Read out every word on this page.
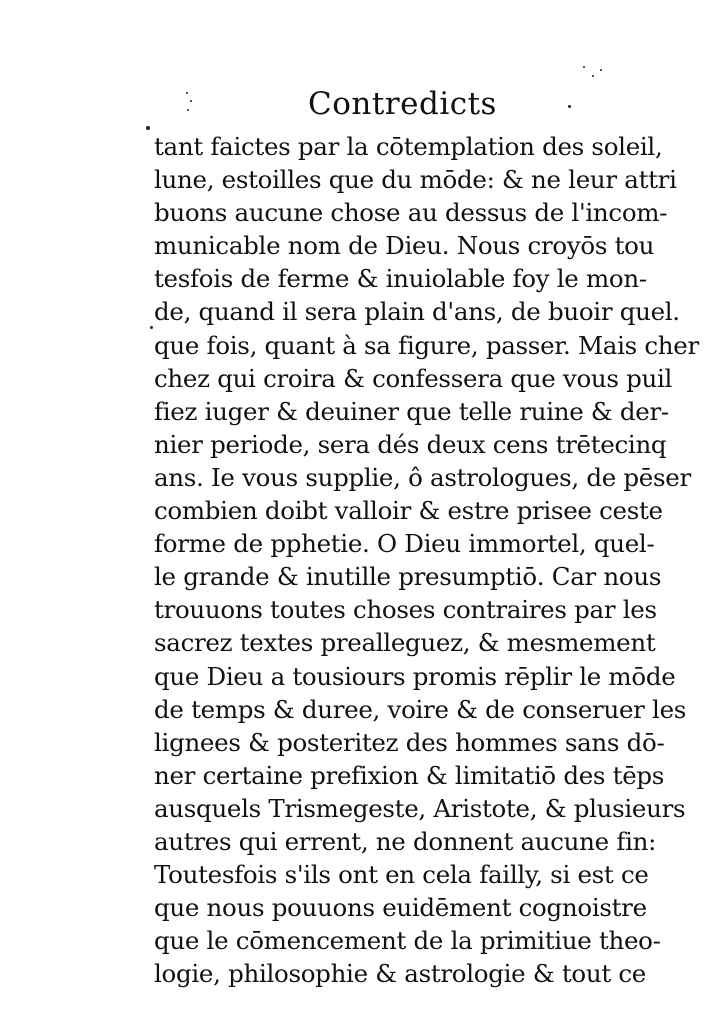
Contredicts
tant faictes par la cōtemplation des soleil,
lune, estoilles que du mōde: & ne leur attri
buons aucune chose au dessus de l'incom-
municable nom de Dieu. Nous croyōs tou
tesfois de ferme & inuiolable foy le mon-
de, quand il sera plain d'ans, de buoir quel.
que fois, quant à sa figure, passer. Mais cher
chez qui croira & confessera que vous puil
fiez iuger & deuiner que telle ruine & der-
nier periode, sera dés deux cens trētecinq
ans. Ie vous supplie, ô astrologues, de pēser
combien doibt valloir & estre prisee ceste
forme de pphetie. O Dieu immortel, quel-
le grande & inutille presumptiō. Car nous
trouuons toutes choses contraires par les
sacrez textes prealleguez, & mesmement
que Dieu a tousiours promis rēplir le mōde
de temps & duree, voire & de conseruer les
lignees & posteritez des hommes sans dō-
ner certaine prefixion & limitatiō des tēps
ausquels Trismegeste, Aristote, & plusieurs
autres qui errent, ne donnent aucune fin:
Toutesfois s'ils ont en cela failly, si est ce
que nous pouuons euidēment cognoistre
que le cōmencement de la primitiue theo-
logie, philosophie & astrologie & tout ce
